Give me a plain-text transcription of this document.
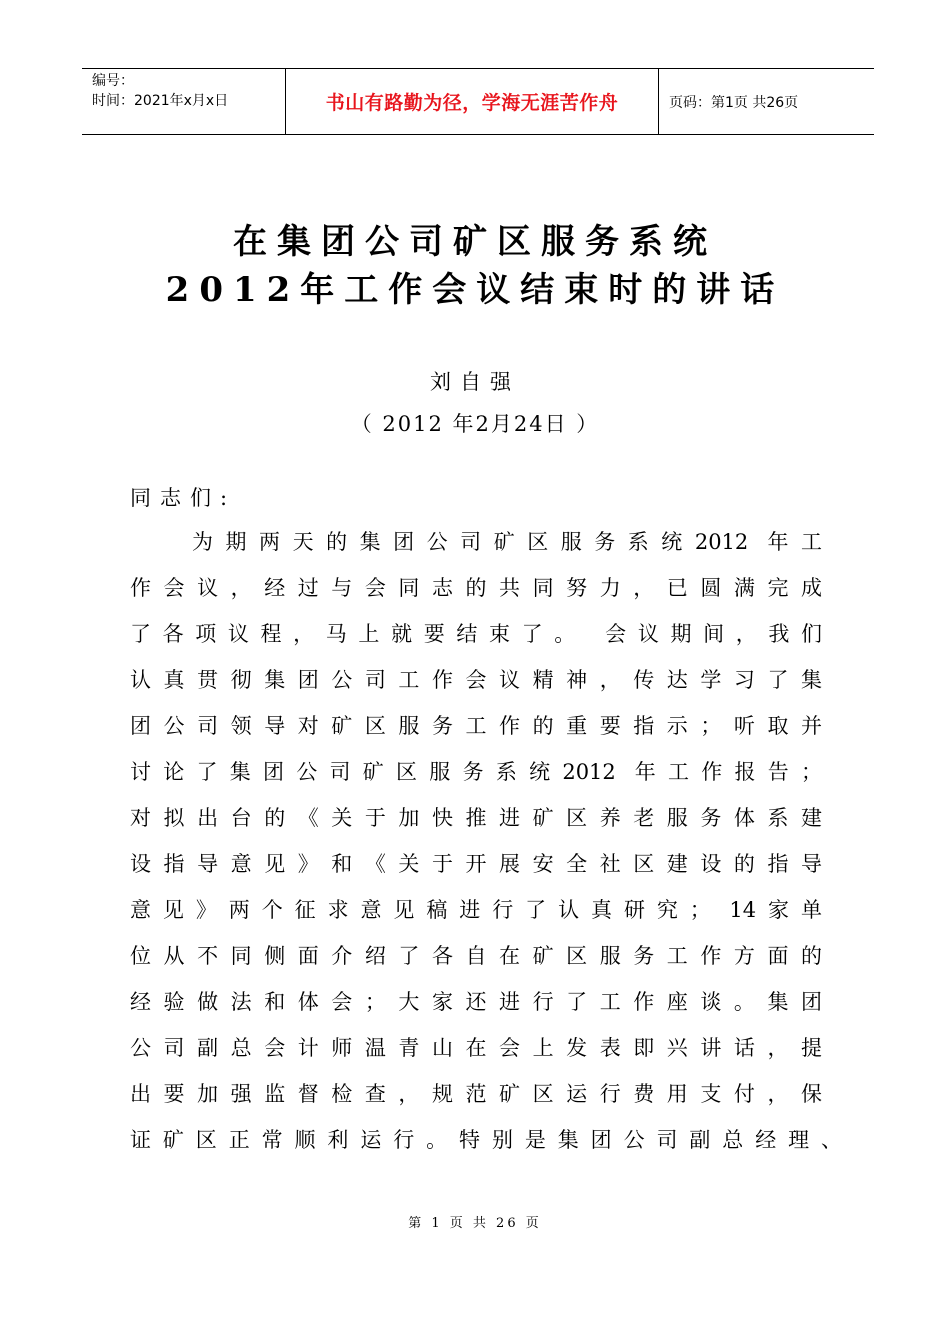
编号：
时间：2021年x月x日	书山有路勤为径，学海无涯苦作舟	页码：第1页 共26页
在集团公司矿区服务系统
2012年工作会议结束时的讲话
刘自强
（ 2012 年2月24日 ）
同志们:
为期两天的集团公司矿区服务系统2012 年工
作会议，经过与会同志的共同努力，已圆满完成
了各项议程，马上就要结束了。 会议期间，我们
认真贯彻集团公司工作会议精神，传达学习了集
团公司领导对矿区服务工作的重要指示；听取并
讨论了集团公司矿区服务系统2012 年工作报告；
对拟出台的《关于加快推进矿区养老服务体系建
设指导意见》和《关于开展安全社区建设的指导
意见》两个征求意见稿进行了认真研究； 14家单
位从不同侧面介绍了各自在矿区服务工作方面的
经验做法和体会；大家还进行了工作座谈。集团
公司副总会计师温青山在会上发表即兴讲话，提
出要加强监督检查，规范矿区运行费用支付，保
证矿区正常顺利运行。特别是集团公司副总经理、
第 1 页 共 26 页
